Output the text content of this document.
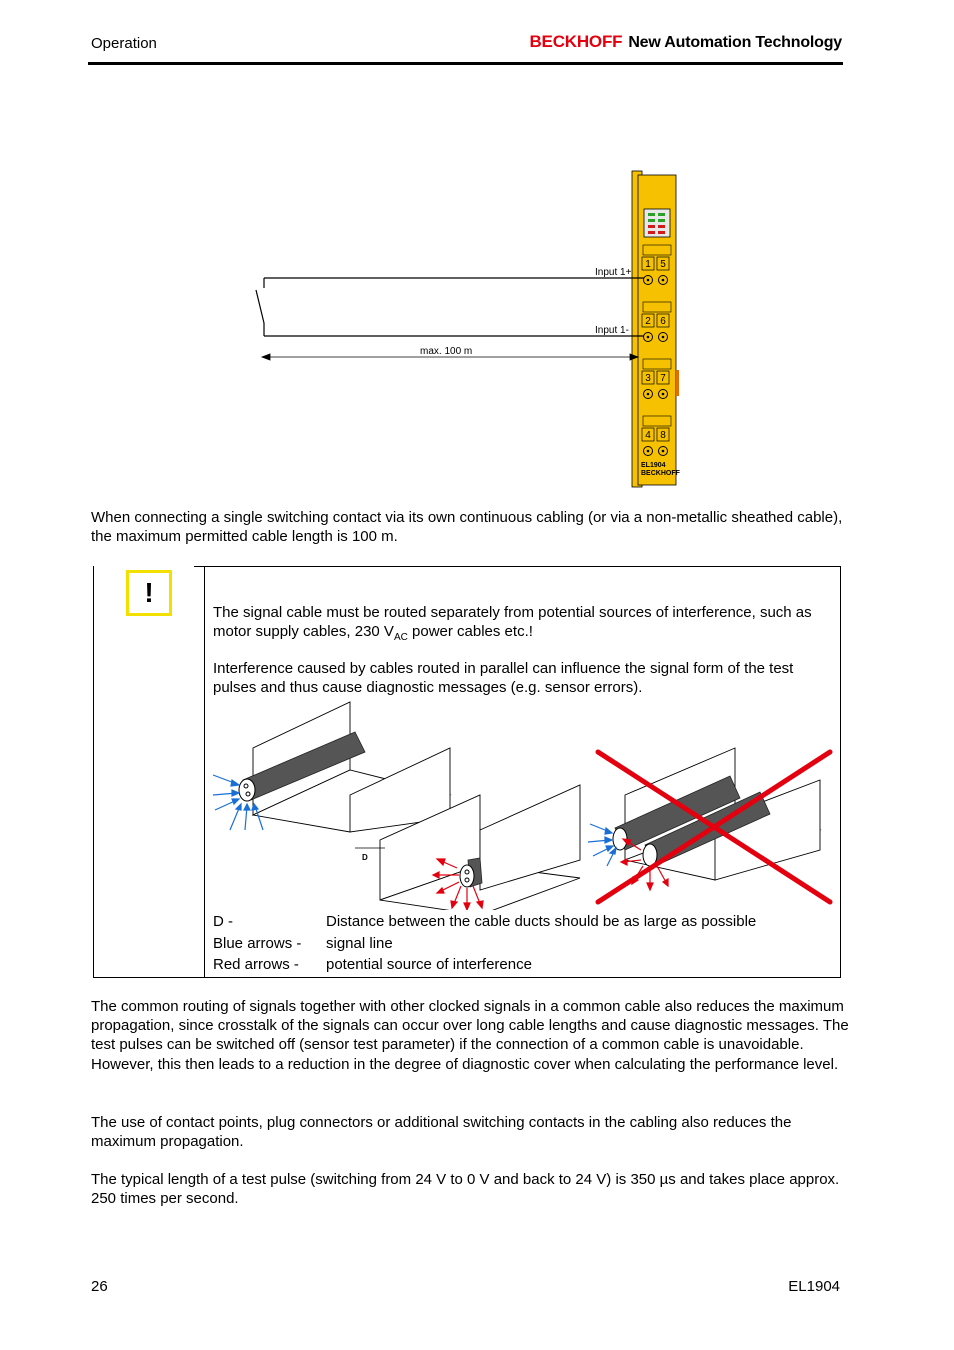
Operation	BECKHOFF New Automation Technology
1 5
2 6
3 7
4 8
EL1904
BECKHOFF
Input 1+
Input 1-
max. 100 m
When connecting a single switching contact via its own continuous cabling (or via a non-metallic sheathed cable), the maximum permitted cable length is 100 m.
!
The signal cable must be routed separately from potential sources of interference, such as motor supply cables, 230 $V_{AC}$ power cables etc.!
Interference caused by cables routed in parallel can influence the signal form of the test pulses and thus cause diagnostic messages (e.g. sensor errors).
D
D -	Distance between the cable ducts should be as large as possible
Blue arrows - signal line
Red arrows - potential source of interference
The common routing of signals together with other clocked signals in a common cable also reduces the maximum propagation, since crosstalk of the signals can occur over long cable lengths and cause diagnostic messages. The test pulses can be switched off (sensor test parameter) if the connection of a common cable is unavoidable. However, this then leads to a reduction in the degree of diagnostic cover when calculating the performance level.
The use of contact points, plug connectors or additional switching contacts in the cabling also reduces the maximum propagation.
The typical length of a test pulse (switching from 24 V to 0 V and back to 24 V) is 350 µs and takes place approx. 250 times per second.
26	EL1904
